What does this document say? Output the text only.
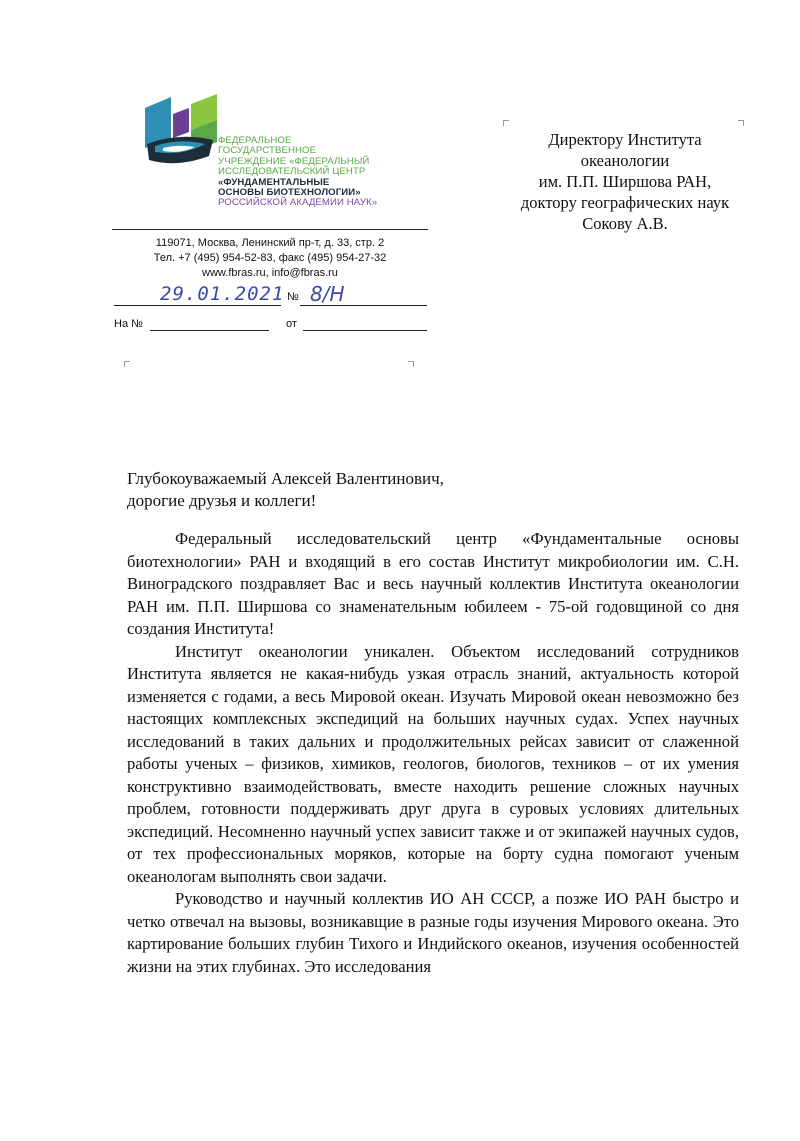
ФЕДЕРАЛЬНОЕ
ГОСУДАРСТВЕННОЕ
УЧРЕЖДЕНИЕ «ФЕДЕРАЛЬНЫЙ
ИССЛЕДОВАТЕЛЬСКИЙ ЦЕНТР
«ФУНДАМЕНТАЛЬНЫЕ
ОСНОВЫ БИОТЕХНОЛОГИИ»
РОССИЙСКОЙ АКАДЕМИИ НАУК»
119071, Москва, Ленинский пр-т, д. 33, стр. 2
Тел. +7 (495) 954-52-83, факс (495) 954-27-32
www.fbras.ru, info@fbras.ru
29.01.2021 № 8/Н
На №	от
Директору Института
океанологии
им. П.П. Ширшова РАН,
доктору географических наук
Сокову А.В.
Глубокоуважаемый Алексей Валентинович,
дорогие друзья и коллеги!

Федеральный исследовательский центр «Фундаментальные основы биотехнологии» РАН и входящий в его состав Институт микробиологии им. С.Н. Виноградского поздравляет Вас и весь научный коллектив Института океанологии РАН им. П.П. Ширшова со знаменательным юбилеем - 75-ой годовщиной со дня создания Института!

Институт океанологии уникален. Объектом исследований сотрудников Института является не какая-нибудь узкая отрасль знаний, актуальность которой изменяется с годами, а весь Мировой океан. Изучать Мировой океан невозможно без настоящих комплексных экспедиций на больших научных судах. Успех научных исследований в таких дальних и продолжительных рейсах зависит от слаженной работы ученых – физиков, химиков, геологов, биологов, техников – от их умения конструктивно взаимодействовать, вместе находить решение сложных научных проблем, готовности поддерживать друг друга в суровых условиях длительных экспедиций. Несомненно научный успех зависит также и от экипажей научных судов, от тех профессиональных моряков, которые на борту судна помогают ученым океанологам выполнять свои задачи.

Руководство и научный коллектив ИО АН СССР, а позже ИО РАН быстро и четко отвечал на вызовы, возникавщие в разные годы изучения Мирового океана. Это картирование больших глубин Тихого и Индийского океанов, изучения особенностей жизни на этих глубинах. Это исследования
